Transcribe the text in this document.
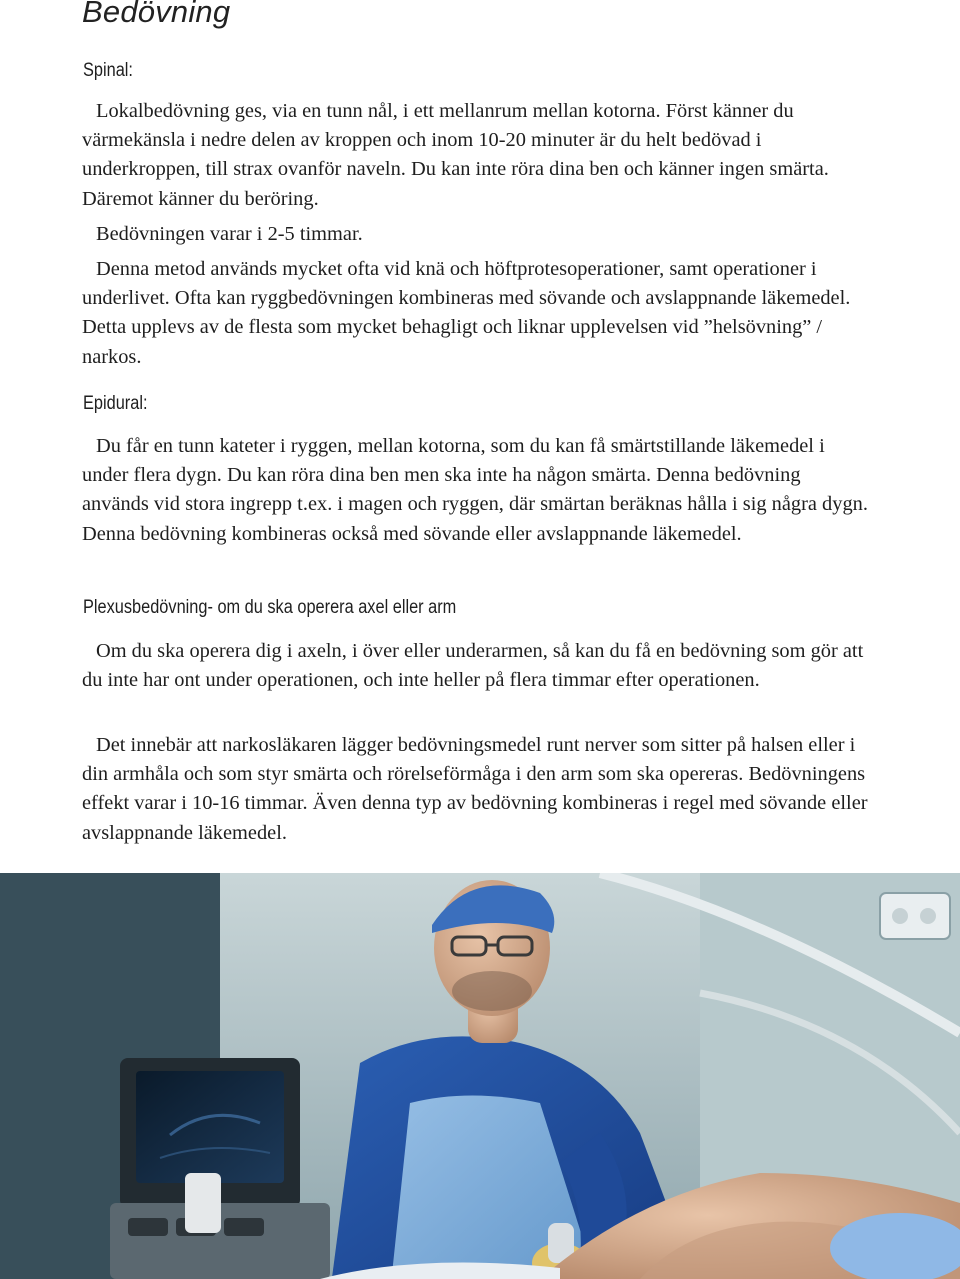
Bedövning
Spinal:

Lokalbedövning ges, via en tunn nål, i ett mellanrum mellan kotorna. Först känner du värmekänsla i nedre delen av kroppen och inom 10-20 minuter är du helt bedövad i underkroppen, till strax ovanför naveln. Du kan inte röra dina ben och känner ingen smärta. Däremot känner du beröring.

Bedövningen varar i 2-5 timmar.

Denna metod används mycket ofta vid knä och höftprotesoperationer, samt operationer i underlivet. Ofta kan ryggbedövningen kombineras med sövande och avslappnande läkemedel. Detta upplevs av de flesta som mycket behagligt och liknar upplevelsen vid ”helsövning” / narkos.

Epidural:

Du får en tunn kateter i ryggen, mellan kotorna, som du kan få smärtstillande läkemedel i under flera dygn. Du kan röra dina ben men ska inte ha någon smärta. Denna bedövning används vid stora ingrepp t.ex. i magen och ryggen, där smärtan beräknas hålla i sig några dygn. Denna bedövning kombineras också med sövande eller avslappnande läkemedel.

Plexusbedövning- om du ska operera axel eller arm

Om du ska operera dig i axeln, i över eller underarmen, så kan du få en bedövning som gör att du inte har ont under operationen, och inte heller på flera timmar efter operationen.

Det innebär att narkosläkaren lägger bedövningsmedel runt nerver som sitter på halsen eller i din armhåla och som styr smärta och rörelseförmåga i den arm som ska opereras. Bedövningens effekt varar i 10-16 timmar. Även denna typ av bedövning kombineras i regel med sövande eller avslappnande läkemedel.
